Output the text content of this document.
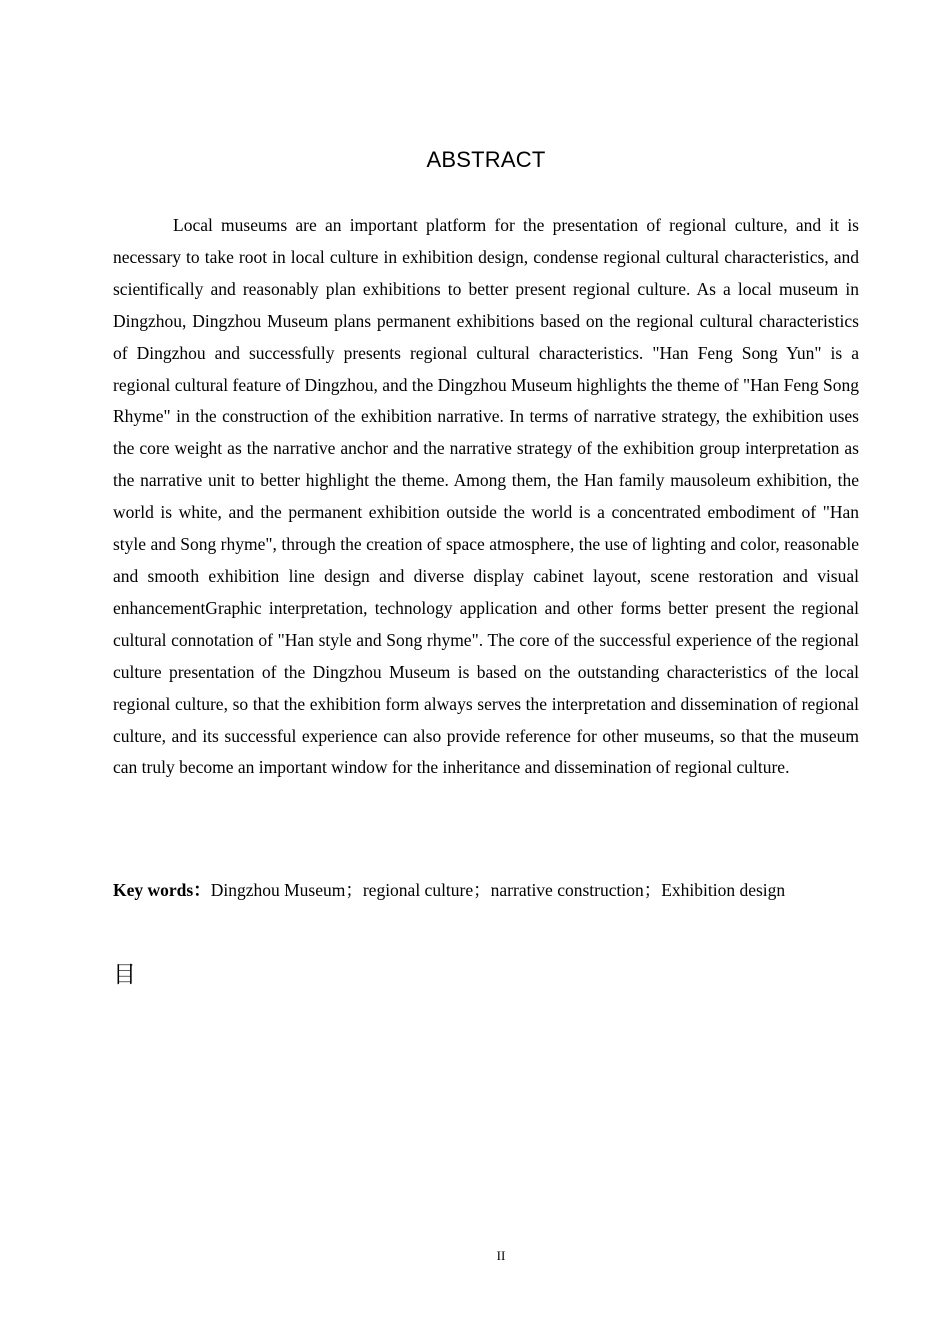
ABSTRACT

Local museums are an important platform for the presentation of regional culture, and it is necessary to take root in local culture in exhibition design, condense regional cultural characteristics, and scientifically and reasonably plan exhibitions to better present regional culture. As a local museum in Dingzhou, Dingzhou Museum plans permanent exhibitions based on the regional cultural characteristics of Dingzhou and successfully presents regional cultural characteristics. "Han Feng Song Yun" is a regional cultural feature of Dingzhou, and the Dingzhou Museum highlights the theme of "Han Feng Song Rhyme" in the construction of the exhibition narrative. In terms of narrative strategy, the exhibition uses the core weight as the narrative anchor and the narrative strategy of the exhibition group interpretation as the narrative unit to better highlight the theme. Among them, the Han family mausoleum exhibition, the world is white, and the permanent exhibition outside the world is a concentrated embodiment of "Han style and Song rhyme", through the creation of space atmosphere, the use of lighting and color, reasonable and smooth exhibition line design and diverse display cabinet layout, scene restoration and visual enhancementGraphic interpretation, technology application and other forms better present the regional cultural connotation of "Han style and Song rhyme". The core of the successful experience of the regional culture presentation of the Dingzhou Museum is based on the outstanding characteristics of the local regional culture, so that the exhibition form always serves the interpretation and dissemination of regional culture, and its successful experience can also provide reference for other museums, so that the museum can truly become an important window for the inheritance and dissemination of regional culture.

Key words：Dingzhou Museum；regional culture；narrative construction；Exhibition design
目
II
